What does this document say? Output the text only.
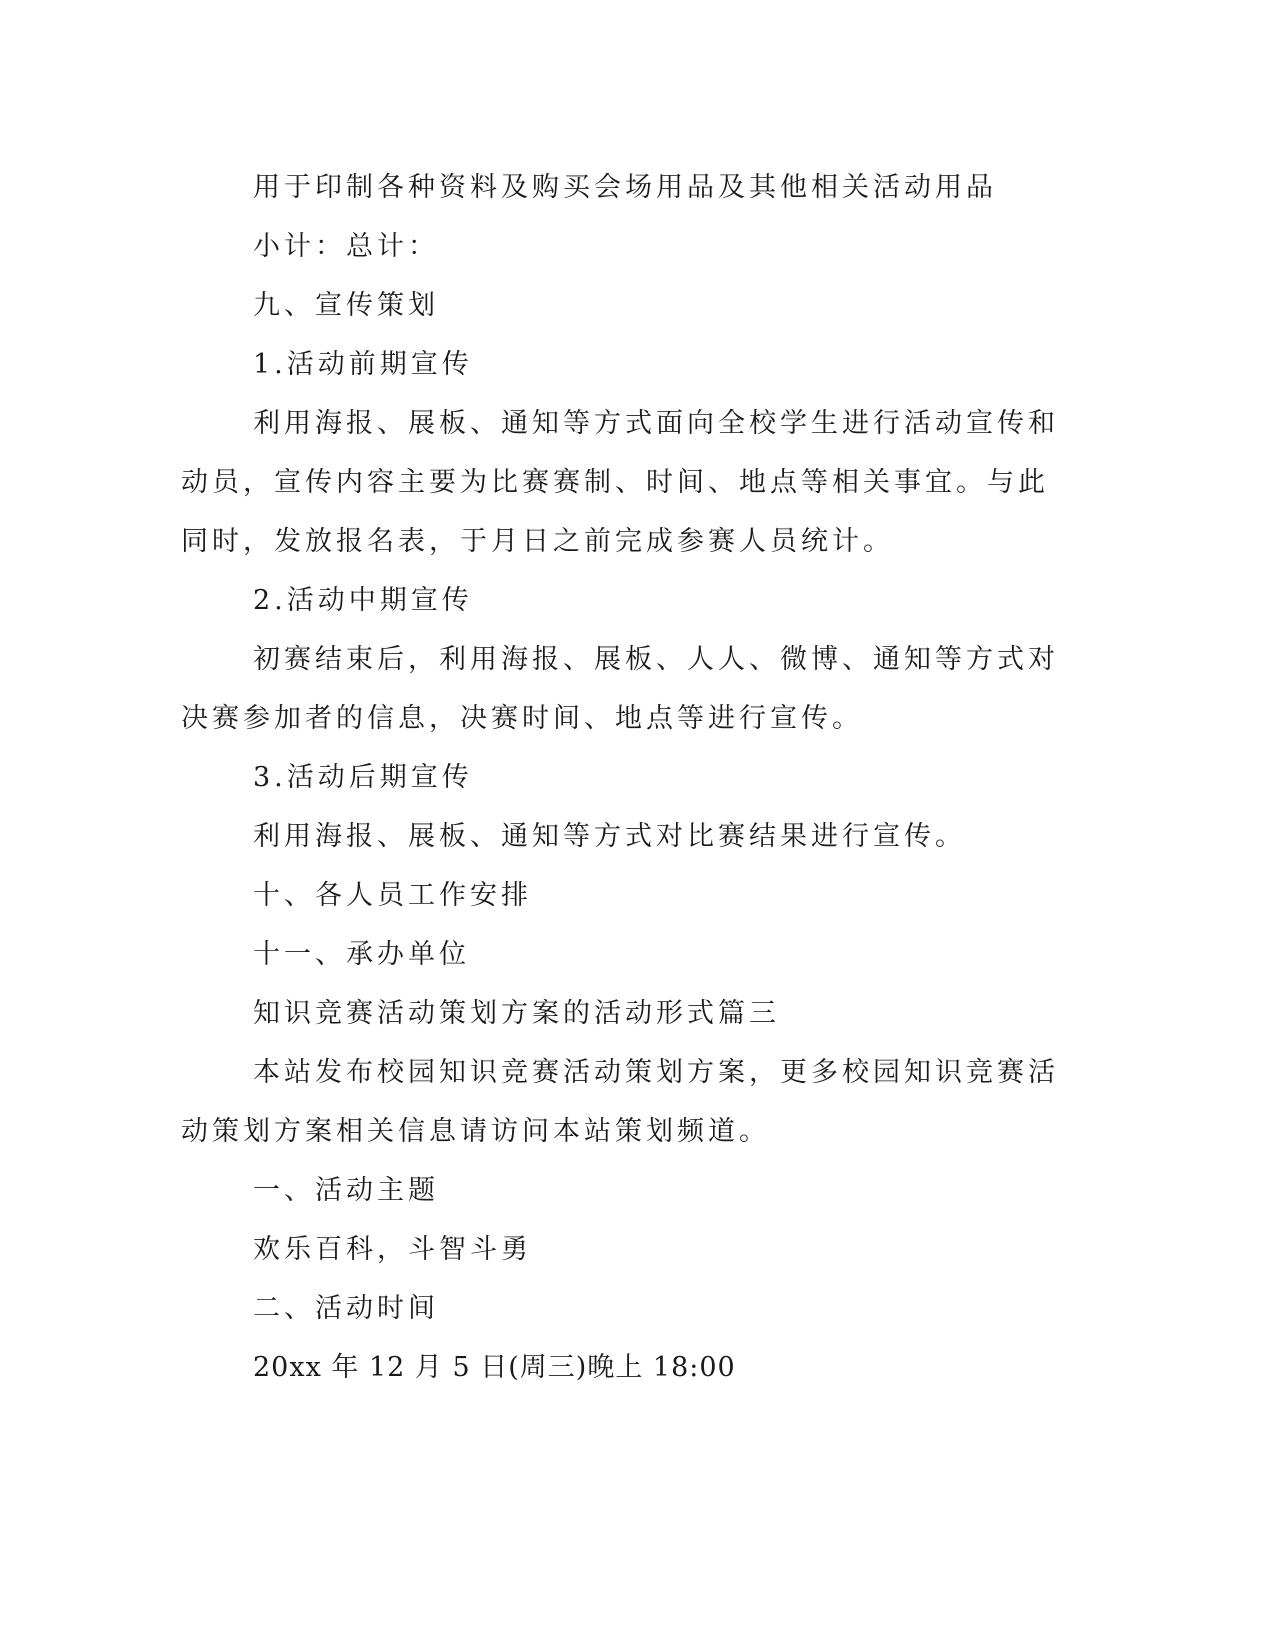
用于印制各种资料及购买会场用品及其他相关活动用品

小计：总计：

九、宣传策划

1.活动前期宣传

利用海报、展板、通知等方式面向全校学生进行活动宣传和动员，宣传内容主要为比赛赛制、时间、地点等相关事宜。与此同时，发放报名表，于月日之前完成参赛人员统计。

2.活动中期宣传

初赛结束后，利用海报、展板、人人、微博、通知等方式对决赛参加者的信息，决赛时间、地点等进行宣传。

3.活动后期宣传

利用海报、展板、通知等方式对比赛结果进行宣传。

十、各人员工作安排

十一、承办单位

知识竞赛活动策划方案的活动形式篇三

本站发布校园知识竞赛活动策划方案，更多校园知识竞赛活动策划方案相关信息请访问本站策划频道。

一、活动主题

欢乐百科，斗智斗勇

二、活动时间

20xx 年 12 月 5 日(周三)晚上 18:00
